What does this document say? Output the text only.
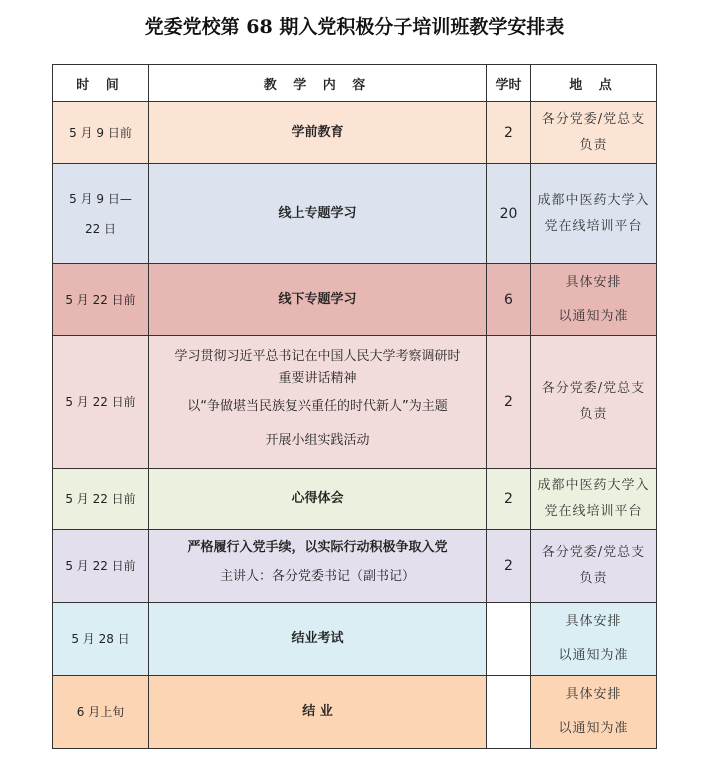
党委党校第 68 期入党积极分子培训班教学安排表
时 间	教 学 内 容	学时	地 点

5 月 9 日前	学前教育	2	各分党委/党总支
负责

5 月 9 日—
22 日	线上专题学习	20	成都中医药大学入
党在线培训平台

5 月 22 日前	线下专题学习	6	具体安排
以通知为准

5 月 22 日前	学习贯彻习近平总书记在中国人民大学考察调研时
重要讲话精神
以“争做堪当民族复兴重任的时代新人”为主题
开展小组实践活动	2	各分党委/党总支
负责

5 月 22 日前	心得体会	2	成都中医药大学入
党在线培训平台

5 月 22 日前	严格履行入党手续，以实际行动积极争取入党
主讲人：各分党委书记（副书记）	2	各分党委/党总支
负责

5 月 28 日	结业考试		具体安排
以通知为准

6 月上旬	结 业		具体安排
以通知为准
